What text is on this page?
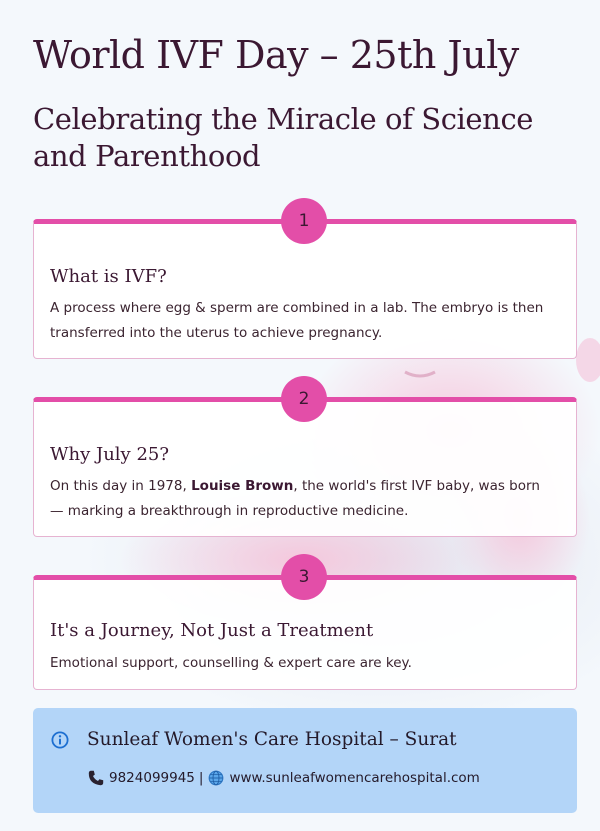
World IVF Day – 25th July
Celebrating the Miracle of Science and Parenthood
1
What is IVF?

A process where egg & sperm are combined in a lab. The embryo is then transferred into the uterus to achieve pregnancy.

2
Why July 25?

On this day in 1978, Louise Brown, the world's first IVF baby, was born — marking a breakthrough in reproductive medicine.

3
It's a Journey, Not Just a Treatment

Emotional support, counselling & expert care are key.

Sunleaf Women's Care Hospital – Surat
9824099945 | www.sunleafwomencarehospital.com
